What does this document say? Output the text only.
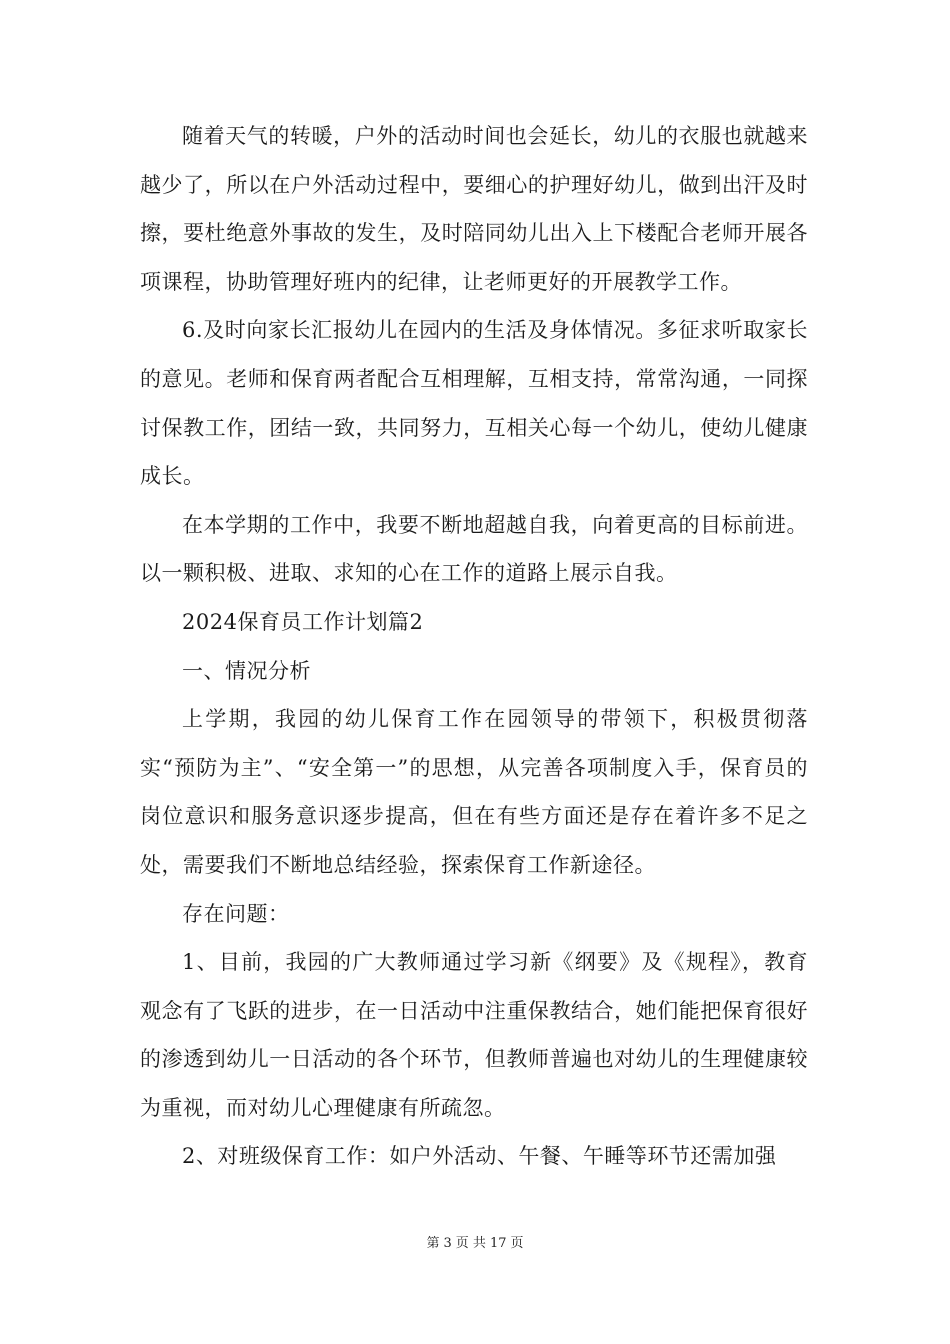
随着天气的转暖，户外的活动时间也会延长，幼儿的衣服也就越来越少了，所以在户外活动过程中，要细心的护理好幼儿，做到出汗及时擦，要杜绝意外事故的发生，及时陪同幼儿出入上下楼配合老师开展各项课程，协助管理好班内的纪律，让老师更好的开展教学工作。

6.及时向家长汇报幼儿在园内的生活及身体情况。多征求听取家长的意见。老师和保育两者配合互相理解，互相支持，常常沟通，一同探讨保教工作，团结一致，共同努力，互相关心每一个幼儿，使幼儿健康成长。

在本学期的工作中，我要不断地超越自我，向着更高的目标前进。以一颗积极、进取、求知的心在工作的道路上展示自我。

2024保育员工作计划篇2

一、情况分析

上学期，我园的幼儿保育工作在园领导的带领下，积极贯彻落实“预防为主”、“安全第一”的思想，从完善各项制度入手，保育员的岗位意识和服务意识逐步提高，但在有些方面还是存在着许多不足之处，需要我们不断地总结经验，探索保育工作新途径。

存在问题：

1、目前，我园的广大教师通过学习新《纲要》及《规程》，教育观念有了飞跃的进步，在一日活动中注重保教结合，她们能把保育很好的渗透到幼儿一日活动的各个环节，但教师普遍也对幼儿的生理健康较为重视，而对幼儿心理健康有所疏忽。

2、对班级保育工作：如户外活动、午餐、午睡等环节还需加强

第 3 页 共 17 页
